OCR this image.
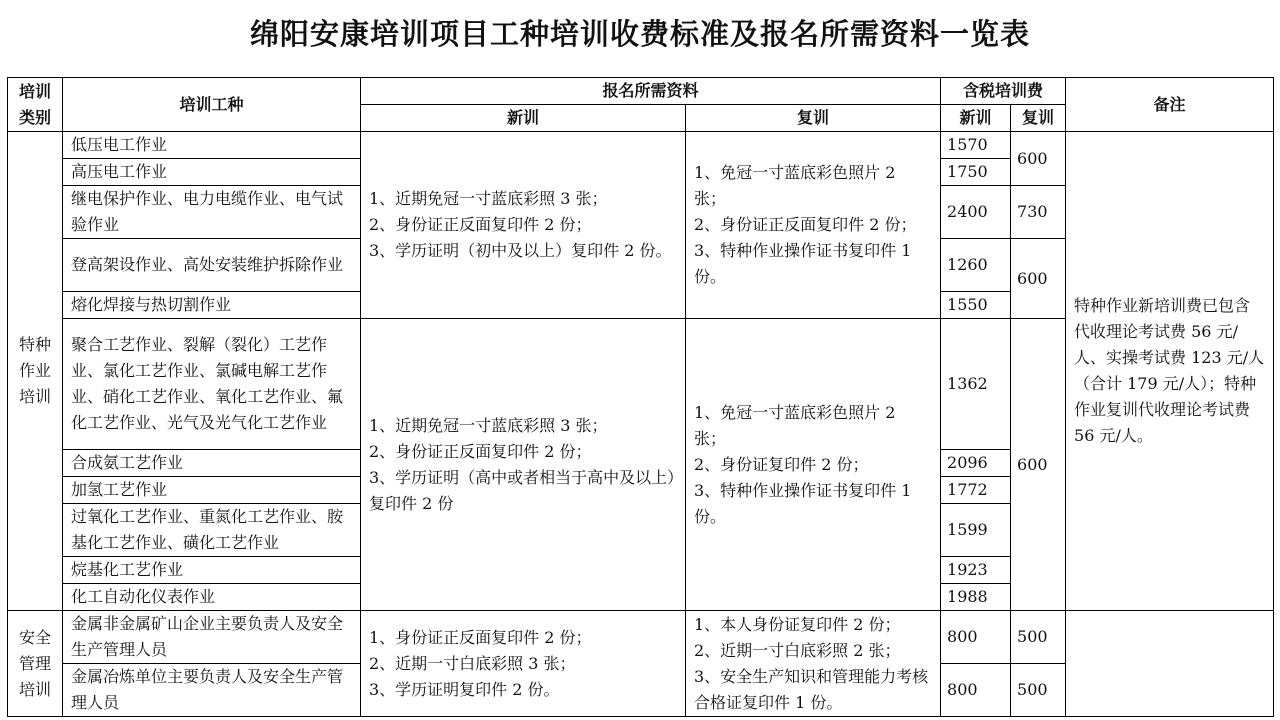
绵阳安康培训项目工种培训收费标准及报名所需资料一览表
培训
类别	培训工种	报名所需资料		含税培训费		备注
		新训	复训	新训	复训	
特种
作业
培训	低压电工作业	1、近期免冠一寸蓝底彩照 3 张；
2、身份证正反面复印件 2 份；
3、学历证明（初中及以上）复印件 2 份。	1、免冠一寸蓝底彩色照片 2 张；
2、身份证正反面复印件 2 份；
3、特种作业操作证书复印件 1 份。	1570	600	特种作业新培训费已包含代收理论考试费 56 元/人、实操考试费 123 元/人（合计 179 元/人）；特种作业复训代收理论考试费 56 元/人。
	高压电工作业			1750		
	继电保护作业、电力电缆作业、电气试验作业			2400	730	
	登高架设作业、高处安装维护拆除作业			1260	600	
	熔化焊接与热切割作业			1550		
	聚合工艺作业、裂解（裂化）工艺作业、氯化工艺作业、氯碱电解工艺作业、硝化工艺作业、氧化工艺作业、氟化工艺作业、光气及光气化工艺作业	1、近期免冠一寸蓝底彩照 3 张；
2、身份证正反面复印件 2 份；
3、学历证明（高中或者相当于高中及以上）复印件 2 份	1、免冠一寸蓝底彩色照片 2 张；
2、身份证复印件 2 份；
3、特种作业操作证书复印件 1 份。	1362	600	
	合成氨工艺作业			2096		
	加氢工艺作业			1772		
	过氧化工艺作业、重氮化工艺作业、胺基化工艺作业、磺化工艺作业			1599		
	烷基化工艺作业			1923		
	化工自动化仪表作业			1988		
安全
管理
培训	金属非金属矿山企业主要负责人及安全生产管理人员	1、身份证正反面复印件 2 份；
2、近期一寸白底彩照 3 张；
3、学历证明复印件 2 份。	1、本人身份证复印件 2 份；
2、近期一寸白底彩照 2 张；
3、安全生产知识和管理能力考核合格证复印件 1 份。	800	500	
	金属冶炼单位主要负责人及安全生产管理人员			800	500	
